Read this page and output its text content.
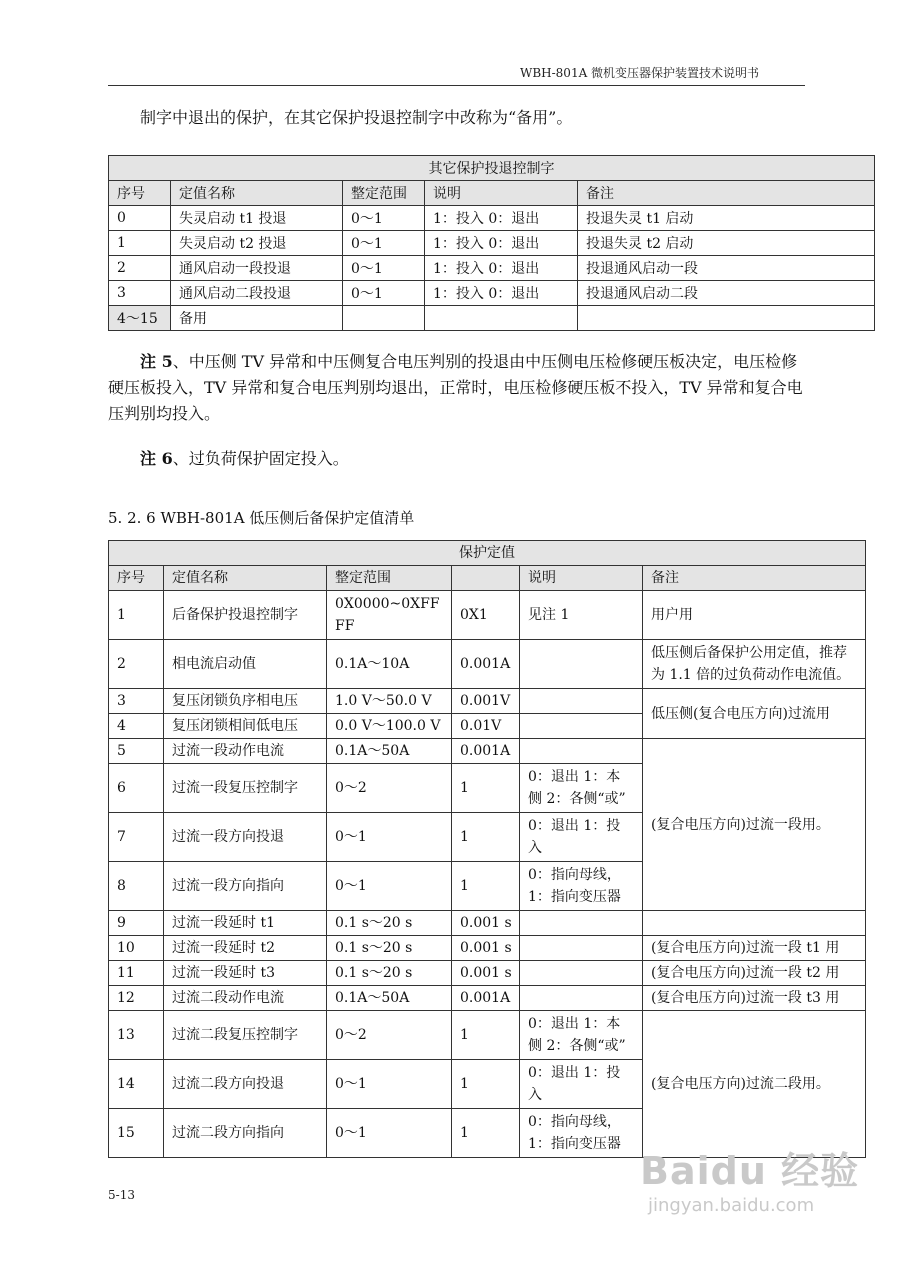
WBH-801A 微机变压器保护装置技术说明书
制字中退出的保护，在其它保护投退控制字中改称为“备用”。
其它保护投退控制字				
序号	定值名称	整定范围	说明	备注
0	失灵启动 t1 投退	0～1	1：投入 0：退出	投退失灵 t1 启动
1	失灵启动 t2 投退	0～1	1：投入 0：退出	投退失灵 t2 启动
2	通风启动一段投退	0～1	1：投入 0：退出	投退通风启动一段
3	通风启动二段投退	0～1	1：投入 0：退出	投退通风启动二段
4～15	备用			
注 5、中压侧 TV 异常和中压侧复合电压判别的投退由中压侧电压检修硬压板决定，电压检修硬压板投入，TV 异常和复合电压判别均退出，正常时，电压检修硬压板不投入，TV 异常和复合电压判别均投入。
注 6、过负荷保护固定投入。
5. 2. 6 WBH-801A 低压侧后备保护定值清单
保护定值					
序号	定值名称	整定范围		说明	备注
1	后备保护投退控制字	0X0000~0XFFFF	0X1	见注 1	用户用
2	相电流启动值	0.1A～10A	0.001A		低压侧后备保护公用定值，推荐为 1.1 倍的过负荷动作电流值。
3	复压闭锁负序相电压	1.0 V～50.0 V	0.001V		低压侧(复合电压方向)过流用
4	复压闭锁相间低电压	0.0 V～100.0 V	0.01V		
5	过流一段动作电流	0.1A～50A	0.001A		(复合电压方向)过流一段用。
6	过流一段复压控制字	0～2	1	0：退出 1：本侧 2：各侧“或”	
7	过流一段方向投退	0～1	1	0：退出 1：投入	
8	过流一段方向指向	0～1	1	0：指向母线，1：指向变压器	
9	过流一段延时 t1	0.1 s～20 s	0.001 s		
10	过流一段延时 t2	0.1 s～20 s	0.001 s		(复合电压方向)过流一段 t1 用
11	过流一段延时 t3	0.1 s～20 s	0.001 s		(复合电压方向)过流一段 t2 用
12	过流二段动作电流	0.1A～50A	0.001A		(复合电压方向)过流一段 t3 用
13	过流二段复压控制字	0～2	1	0：退出 1：本侧 2：各侧“或”	(复合电压方向)过流二段用。
14	过流二段方向投退	0～1	1	0：退出 1：投入	
15	过流二段方向指向	0～1	1	0：指向母线，1：指向变压器	
5-13
Baidu 经验
jingyan.baidu.com
